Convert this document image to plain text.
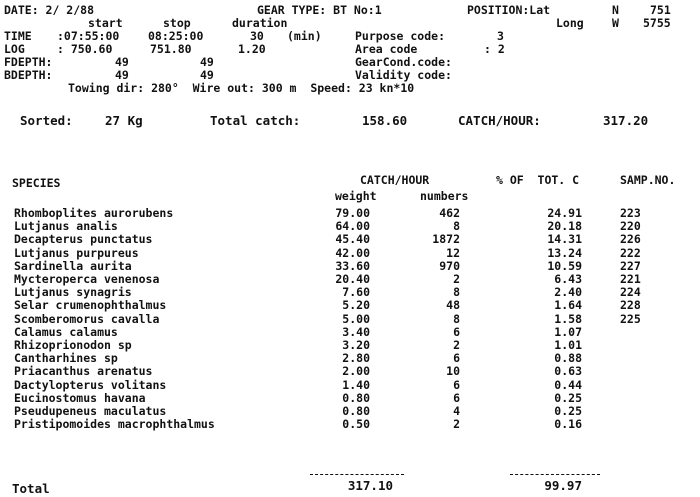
DATE: 2/ 2/88	GEAR TYPE: BT No:1	POSITION:Lat	N	751
start	stop	duration	Long W 5755
TIME :07:55:00 08:25:00	30 (min)	Purpose code:	3
LOG	: 750.60	751.80	1.20	Area code	: 2
FDEPTH:	49	49	GearCond.code:
BDEPTH:	49	49	Validity code:
Towing dir: 280°  Wire out: 300 m  Speed: 23 kn*10
Sorted:	27 Kg	Total catch:	158.60	CATCH/HOUR:	317.20
SPECIES	CATCH/HOUR	% OF  TOT. C	SAMP.NO.
weight	numbers
Rhomboplites aurorubens	79.00	462	24.91	223
Lutjanus analis	64.00	8	20.18	220
Decapterus punctatus	45.40	1872	14.31	226
Lutjanus purpureus	42.00	12	13.24	222
Sardinella aurita	33.60	970	10.59	227
Mycteroperca venenosa	20.40	2	6.43	221
Lutjanus synagris	7.60	8	2.40	224
Selar crumenophthalmus	5.20	48	1.64	228
Scomberomorus cavalla	5.00	8	1.58	225
Calamus calamus	3.40	6	1.07
Rhizoprionodon sp	3.20	2	1.01
Cantharhines sp	2.80	6	0.88
Priacanthus arenatus	2.00	10	0.63
Dactylopterus volitans	1.40	6	0.44
Eucinostomus havana	0.80	6	0.25
Pseudupeneus maculatus	0.80	4	0.25
Pristipomoides macrophthalmus	0.50	2	0.16
Total	317.10	99.97
